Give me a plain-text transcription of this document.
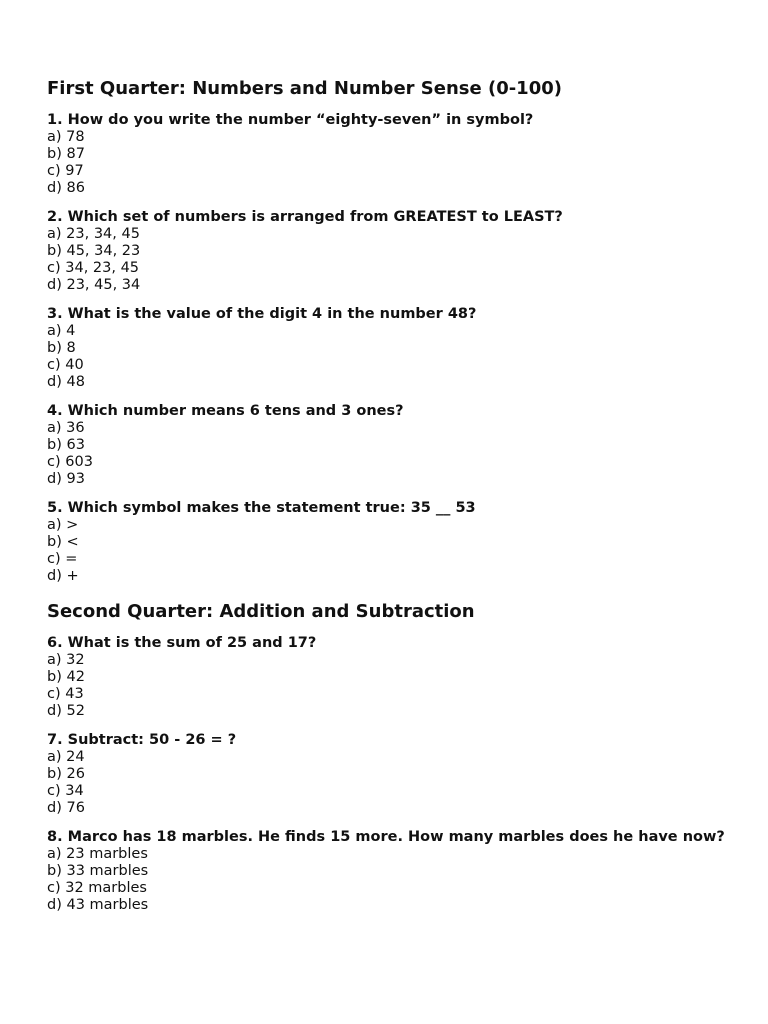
First Quarter: Numbers and Number Sense (0-100)

1. How do you write the number “eighty-seven” in symbol?

a) 78
b) 87
c) 97
d) 86

2. Which set of numbers is arranged from GREATEST to LEAST?

a) 23, 34, 45
b) 45, 34, 23
c) 34, 23, 45
d) 23, 45, 34

3. What is the value of the digit 4 in the number 48?

a) 4
b) 8
c) 40
d) 48

4. Which number means 6 tens and 3 ones?

a) 36
b) 63
c) 603
d) 93

5. Which symbol makes the statement true: 35 __ 53

a) >
b) <
c) =
d) +
Second Quarter: Addition and Subtraction

6. What is the sum of 25 and 17?

a) 32
b) 42
c) 43
d) 52

7. Subtract: 50 - 26 = ?

a) 24
b) 26
c) 34
d) 76

8. Marco has 18 marbles. He finds 15 more. How many marbles does he have now?

a) 23 marbles
b) 33 marbles
c) 32 marbles
d) 43 marbles
